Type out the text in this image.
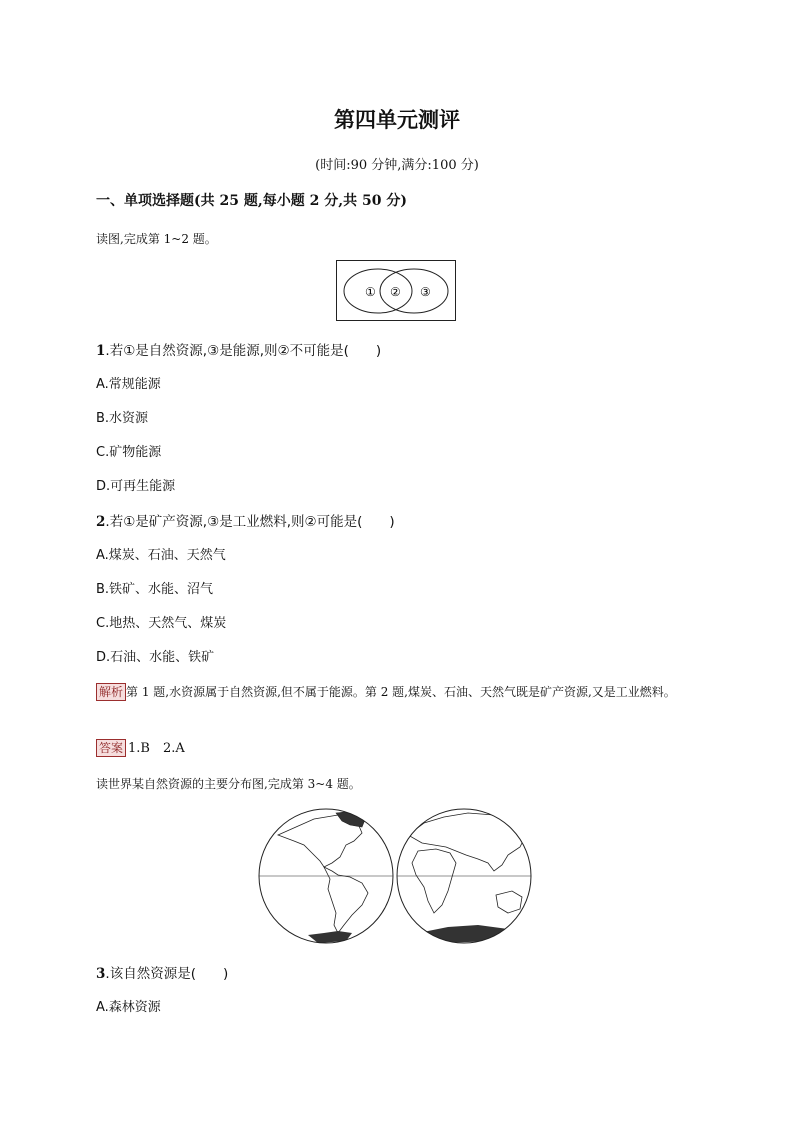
第四单元测评
(时间:90 分钟,满分:100 分)
一、单项选择题(共 25 题,每小题 2 分,共 50 分)
读图,完成第 1~2 题。
① ② ③
1.若①是自然资源,③是能源,则②不可能是(　　)
A.常规能源
B.水资源
C.矿物能源
D.可再生能源
2.若①是矿产资源,③是工业燃料,则②可能是(　　)
A.煤炭、石油、天然气
B.铁矿、水能、沼气
C.地热、天然气、煤炭
D.石油、水能、铁矿
解析 第 1 题,水资源属于自然资源,但不属于能源。第 2 题,煤炭、石油、天然气既是矿产资源,又是工业燃料。
答案 1.B　2.A
读世界某自然资源的主要分布图,完成第 3~4 题。
3.该自然资源是(　　)
A.森林资源
